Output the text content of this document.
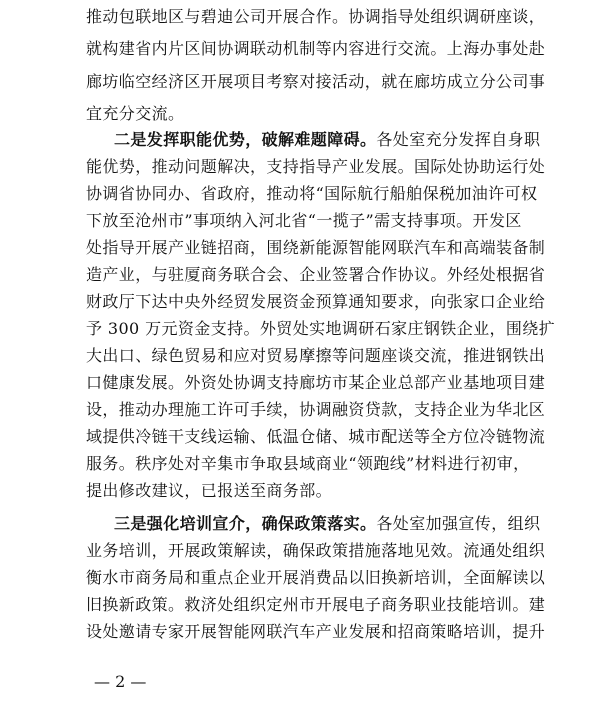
推动包联地区与碧迪公司开展合作。协调指导处组织调研座谈，
就构建省内片区间协调联动机制等内容进行交流。上海办事处赴
廊坊临空经济区开展项目考察对接活动，就在廊坊成立分公司事
宜充分交流。
二是发挥职能优势，破解难题障碍。各处室充分发挥自身职
能优势，推动问题解决，支持指导产业发展。国际处协助运行处
协调省协同办、省政府，推动将“国际航行船舶保税加油许可权
下放至沧州市”事项纳入河北省“一揽子”需支持事项。开发区
处指导开展产业链招商，围绕新能源智能网联汽车和高端装备制
造产业，与驻厦商务联合会、企业签署合作协议。外经处根据省
财政厅下达中央外经贸发展资金预算通知要求，向张家口企业给
予 300 万元资金支持。外贸处实地调研石家庄钢铁企业，围绕扩
大出口、绿色贸易和应对贸易摩擦等问题座谈交流，推进钢铁出
口健康发展。外资处协调支持廊坊市某企业总部产业基地项目建
设，推动办理施工许可手续，协调融资贷款，支持企业为华北区
域提供冷链干支线运输、低温仓储、城市配送等全方位冷链物流
服务。秩序处对辛集市争取县域商业“领跑线”材料进行初审，
提出修改建议，已报送至商务部。
三是强化培训宣介，确保政策落实。各处室加强宣传，组织
业务培训，开展政策解读，确保政策措施落地见效。流通处组织
衡水市商务局和重点企业开展消费品以旧换新培训，全面解读以
旧换新政策。救济处组织定州市开展电子商务职业技能培训。建
设处邀请专家开展智能网联汽车产业发展和招商策略培训，提升
— 2 —
